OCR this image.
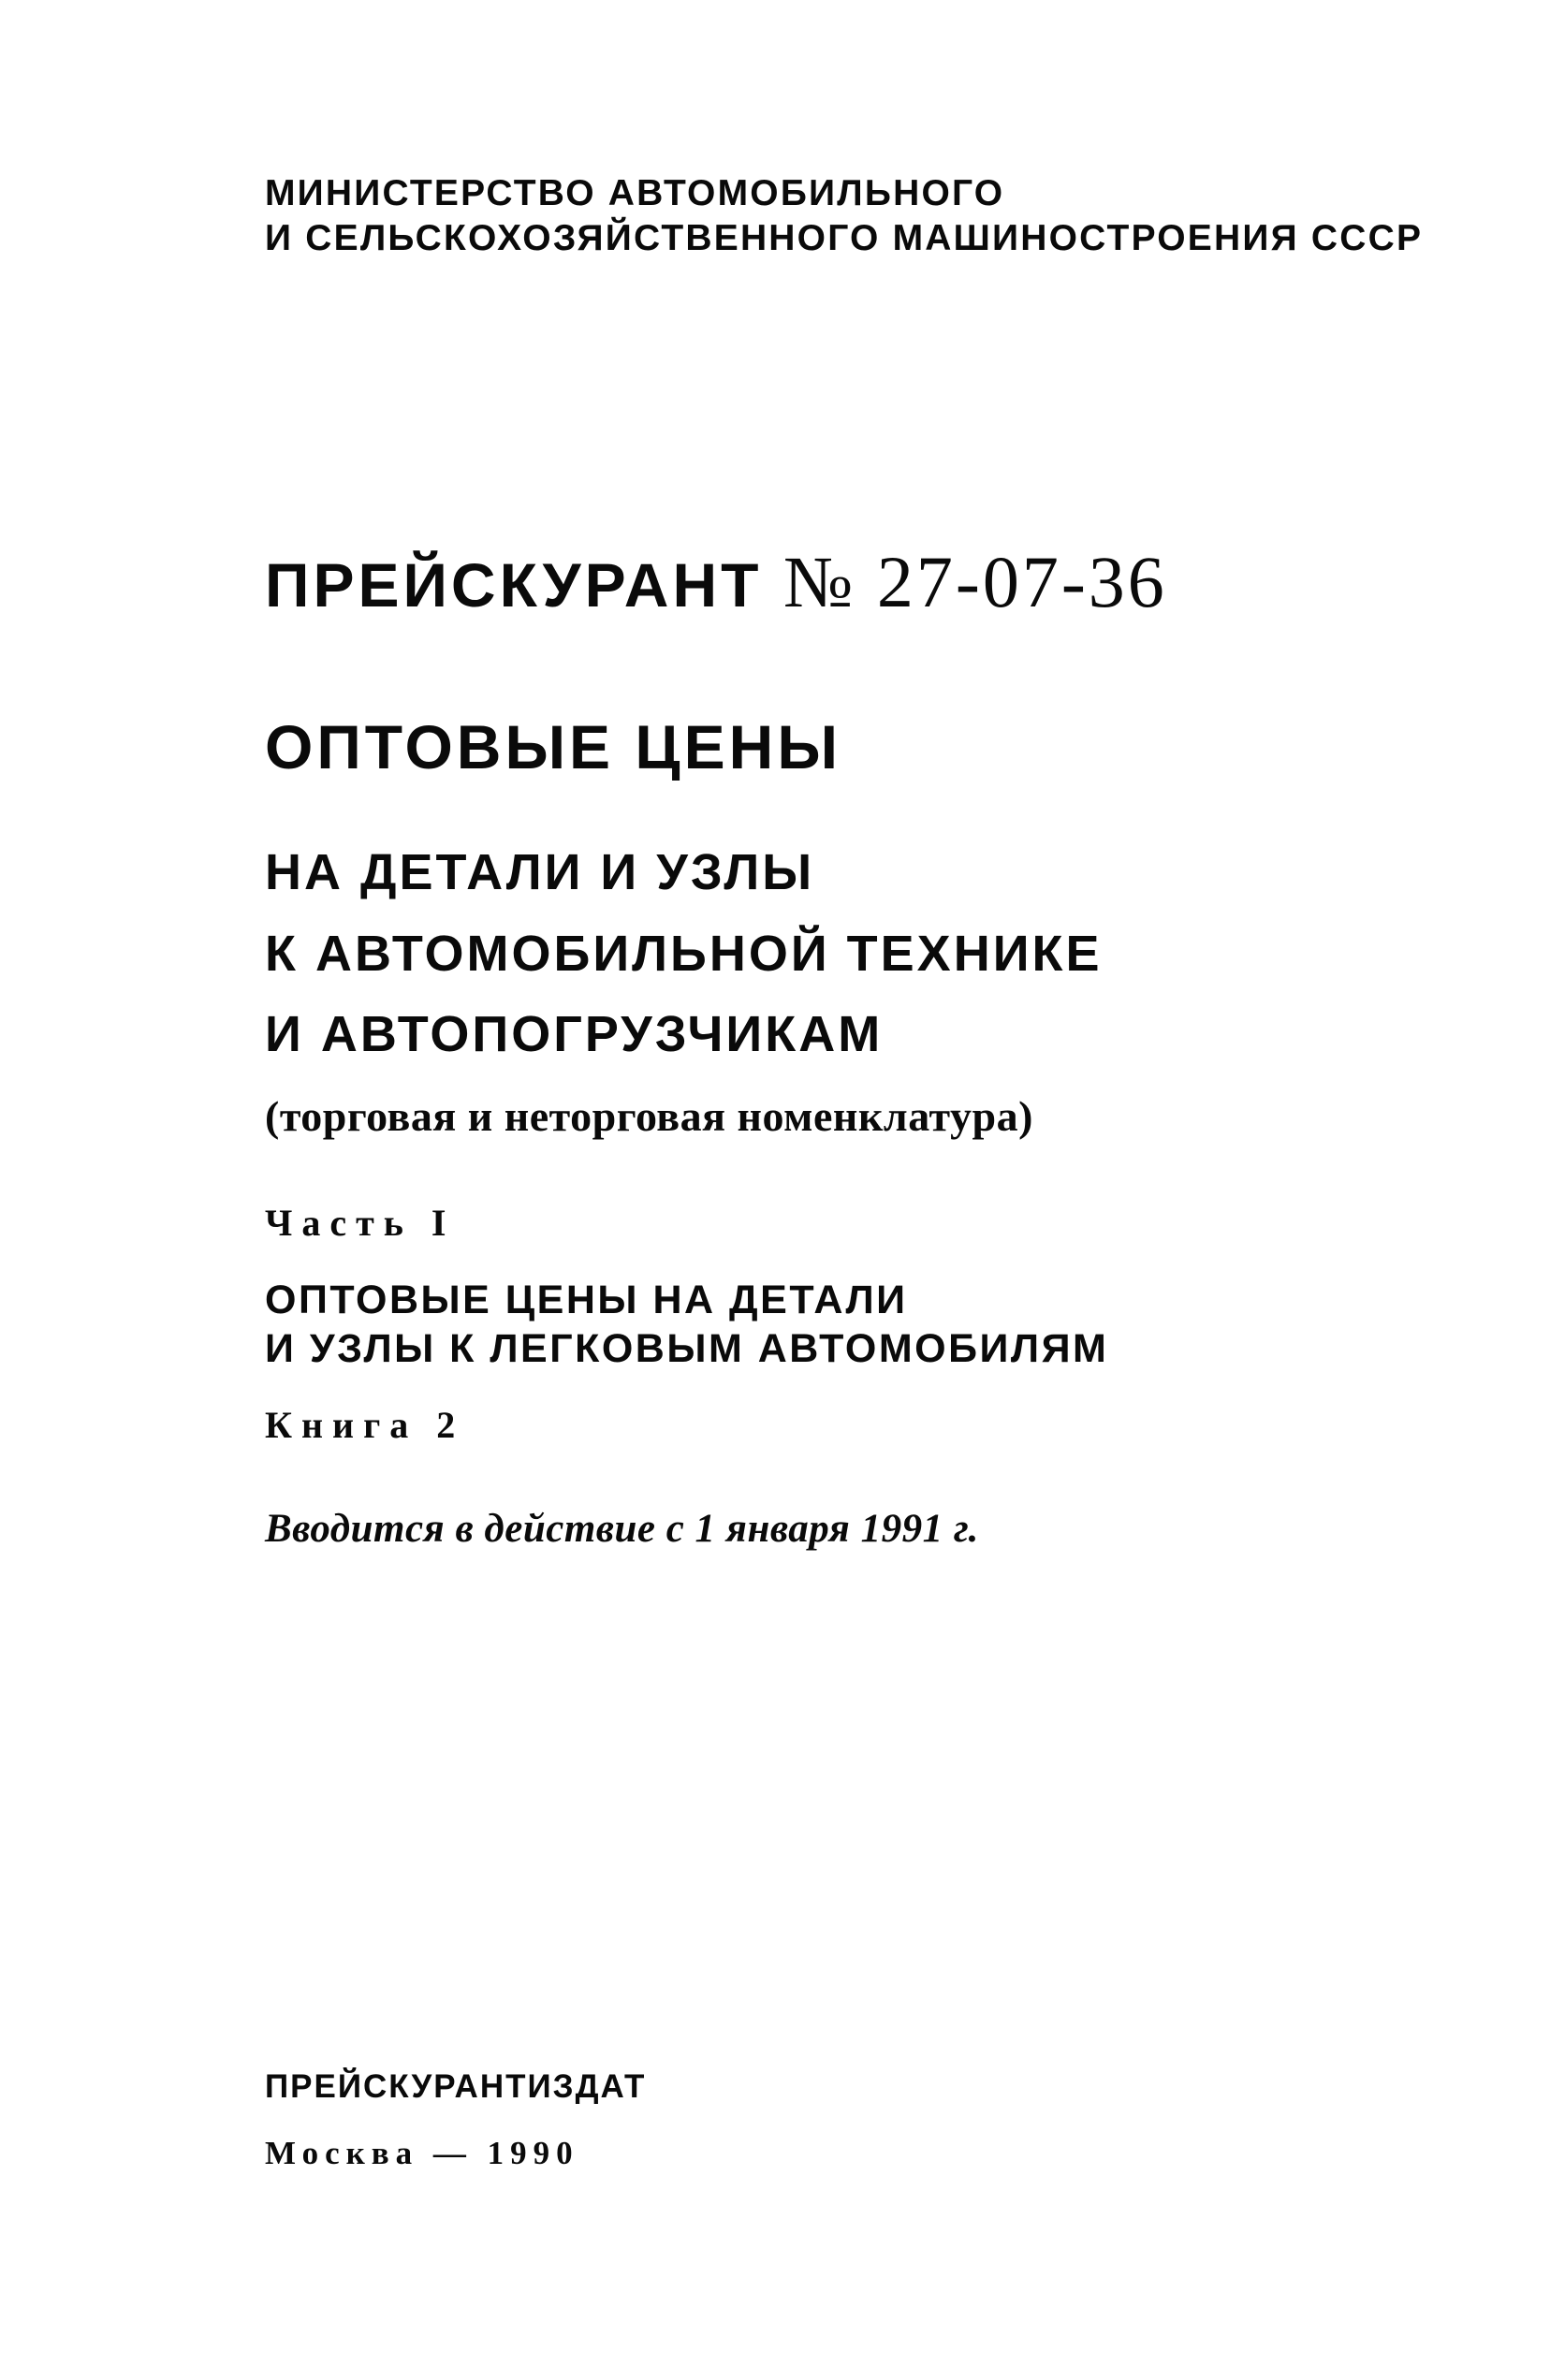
МИНИСТЕРСТВО АВТОМОБИЛЬНОГО

И СЕЛЬСКОХОЗЯЙСТВЕННОГО МАШИНОСТРОЕНИЯ СССР

ПРЕЙСКУРАНТ № 27-07-36

ОПТОВЫЕ ЦЕНЫ

НА ДЕТАЛИ И УЗЛЫ

К АВТОМОБИЛЬНОЙ ТЕХНИКЕ

И АВТОПОГРУЗЧИКАМ

(торговая и неторговая номенклатура)

Часть I

ОПТОВЫЕ ЦЕНЫ НА ДЕТАЛИ

И УЗЛЫ К ЛЕГКОВЫМ АВТОМОБИЛЯМ

Книга 2

Вводится в действие с 1 января 1991 г.

ПРЕЙСКУРАНТИЗДАТ

Москва — 1990
